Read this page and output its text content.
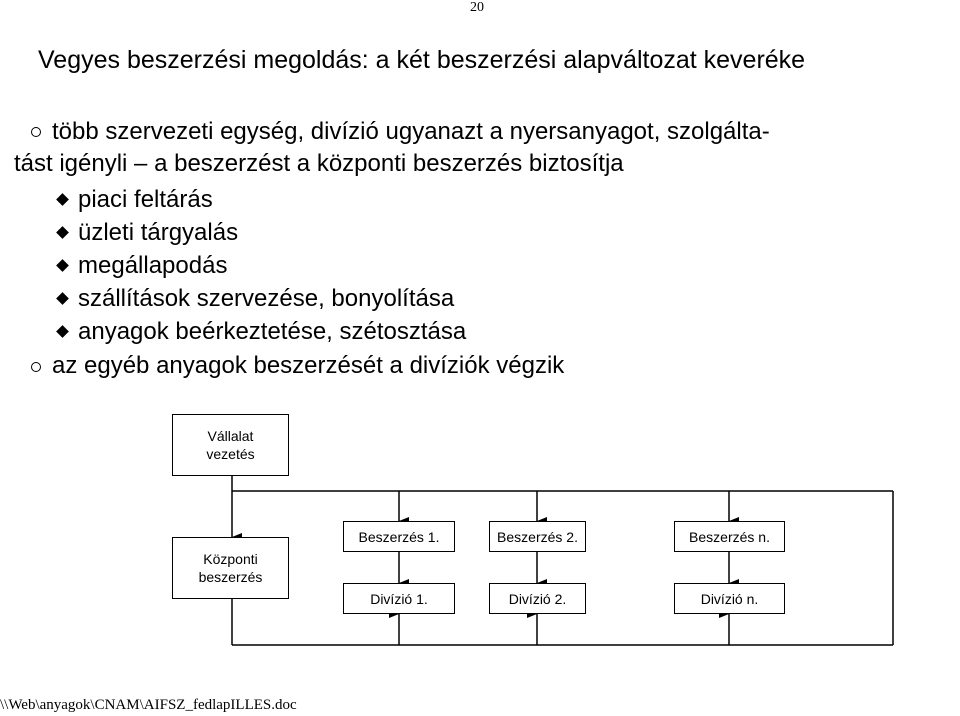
20
Vegyes beszerzési megoldás: a két beszerzési alapváltozat keveréke
több szervezeti egység, divízió ugyanazt a nyersanyagot, szolgálta-
tást igényli – a beszerzést a központi beszerzés biztosítja
piaci feltárás
üzleti tárgyalás
megállapodás
szállítások szervezése, bonyolítása
anyagok beérkeztetése, szétosztása
az egyéb anyagok beszerzését a divíziók végzik
Vállalat
vezetés
Központi
beszerzés
Beszerzés 1.	Beszerzés 2.	Beszerzés n.
Divízió 1.	Divízió 2.	Divízió n.
\\Web\anyagok\CNAM\AIFSZ_fedlapILLES.doc
